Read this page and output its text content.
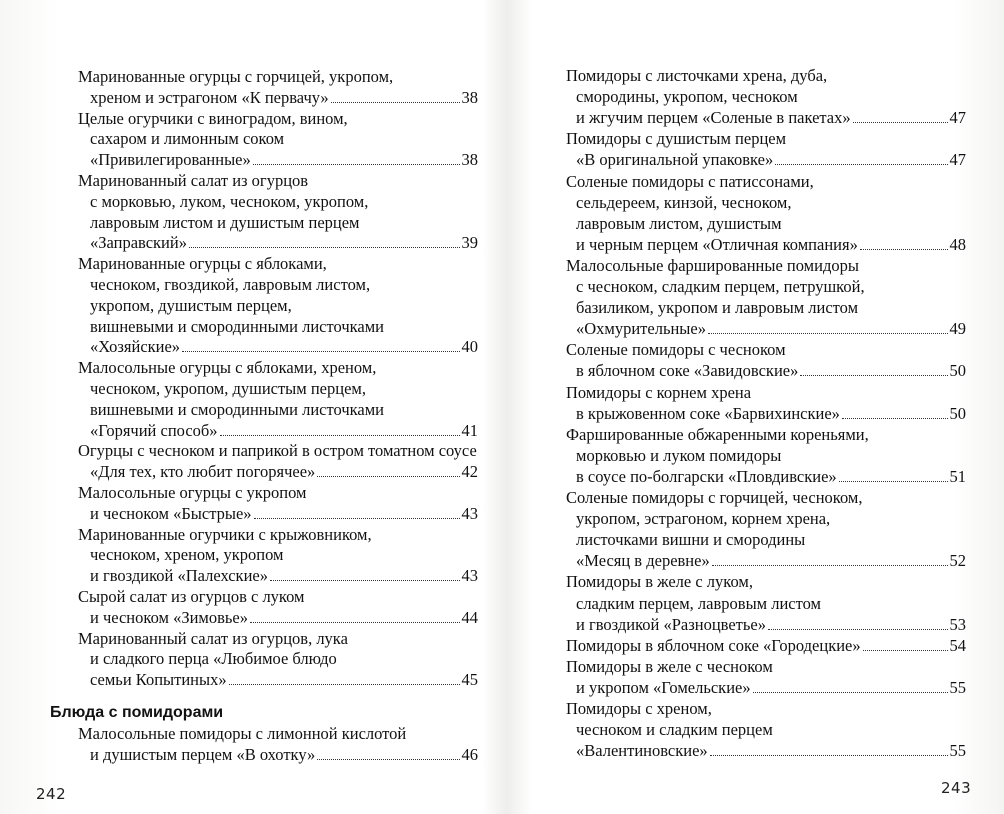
Маринованные огурцы с горчицей, укропом,
хреном и эстрагоном «К первачу»	38
Целые огурчики с виноградом, вином,
сахаром и лимонным соком
«Привилегированные»	38
Маринованный салат из огурцов
с морковью, луком, чесноком, укропом,
лавровым листом и душистым перцем
«Заправский»	39
Маринованные огурцы с яблоками,
чесноком, гвоздикой, лавровым листом,
укропом, душистым перцем,
вишневыми и смородинными листочками
«Хозяйские»	40
Малосольные огурцы с яблоками, хреном,
чесноком, укропом, душистым перцем,
вишневыми и смородинными листочками
«Горячий способ»	41
Огурцы с чесноком и паприкой в остром томатном соусе
«Для тех, кто любит погорячее»	42
Малосольные огурцы с укропом
и чесноком «Быстрые»	43
Маринованные огурчики с крыжовником,
чесноком, хреном, укропом
и гвоздикой «Палехские»	43
Сырой салат из огурцов с луком
и чесноком «Зимовье»	44
Маринованный салат из огурцов, лука
и сладкого перца «Любимое блюдо
семьи Копытиных»	45
Блюда с помидорами
Малосольные помидоры с лимонной кислотой
и душистым перцем «В охотку»	46
242
Помидоры с листочками хрена, дуба,
смородины, укропом, чесноком
и жгучим перцем «Соленые в пакетах»	47
Помидоры с душистым перцем
«В оригинальной упаковке»	47
Соленые помидоры с патиссонами,
сельдереем, кинзой, чесноком,
лавровым листом, душистым
и черным перцем «Отличная компания»	48
Малосольные фаршированные помидоры
с чесноком, сладким перцем, петрушкой,
базиликом, укропом и лавровым листом
«Охмурительные»	49
Соленые помидоры с чесноком
в яблочном соке «Завидовские»	50
Помидоры с корнем хрена
в крыжовенном соке «Барвихинские»	50
Фаршированные обжаренными кореньями,
морковью и луком помидоры
в соусе по-болгарски «Пловдивские»	51
Соленые помидоры с горчицей, чесноком,
укропом, эстрагоном, корнем хрена,
листочками вишни и смородины
«Месяц в деревне»	52
Помидоры в желе с луком,
сладким перцем, лавровым листом
и гвоздикой «Разноцветье»	53
Помидоры в яблочном соке «Городецкие»	54
Помидоры в желе с чесноком
и укропом «Гомельские»	55
Помидоры с хреном,
чесноком и сладким перцем
«Валентиновские»	55
243
